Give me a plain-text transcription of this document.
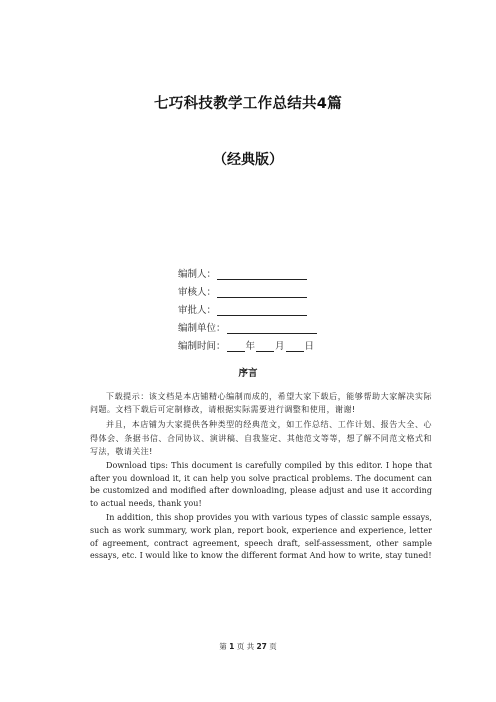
七巧科技教学工作总结共4篇
（经典版）
编制人：
审核人：
审批人：
编制单位：
编制时间： 年 月 日
序言

下载提示：该文档是本店铺精心编制而成的，希望大家下载后，能够帮助大家解决实际问题。文档下载后可定制修改，请根据实际需要进行调整和使用，谢谢!

并且，本店铺为大家提供各种类型的经典范文，如工作总结、工作计划、报告大全、心得体会、条据书信、合同协议、演讲稿、自我鉴定、其他范文等等，想了解不同范文格式和写法，敬请关注!

Download tips: This document is carefully compiled by this editor. I hope that after you download it, it can help you solve practical problems. The document can be customized and modified after downloading, please adjust and use it according to actual needs, thank you!

In addition, this shop provides you with various types of classic sample essays, such as work summary, work plan, report book, experience and experience, letter of agreement, contract agreement, speech draft, self-assessment, other sample essays, etc. I would like to know the different format And how to write, stay tuned!

第 1 页 共 27 页
